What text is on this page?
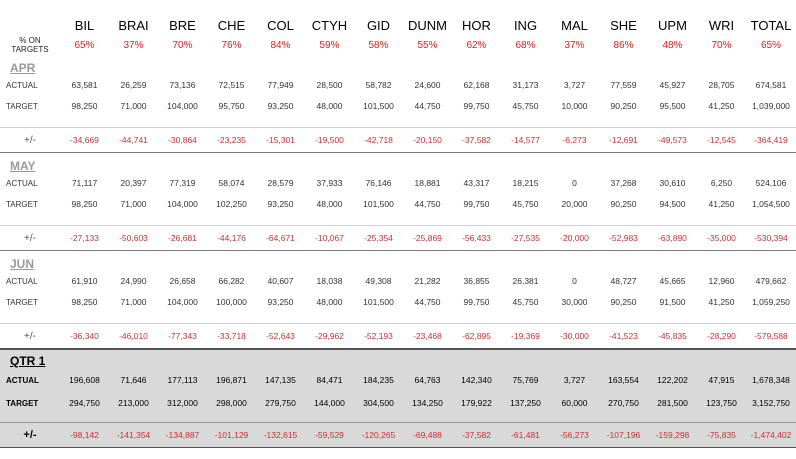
	BIL	BRAI	BRE	CHE	COL	CTYH	GID	DUNM	HOR	ING	MAL	SHE	UPM	WRI	TOTAL
% ON
TARGETS	65%	37%	70%	76%	84%	59%	58%	55%	62%	68%	37%	86%	48%	70%	65%

APR															
ACTUAL	63,581	26,259	73,136	72,515	77,949	28,500	58,782	24,600	62,168	31,173	3,727	77,559	45,927	28,705	674,581
TARGET	98,250	71,000	104,000	95,750	93,250	48,000	101,500	44,750	99,750	45,750	10,000	90,250	95,500	41,250	1,039,000

+/-	-34,669	-44,741	-30,864	-23,235	-15,301	-19,500	-42,718	-20,150	-37,582	-14,577	-6,273	-12,691	-49,573	-12,545	-364,419

MAY															
ACTUAL	71,117	20,397	77,319	58,074	28,579	37,933	76,146	18,881	43,317	18,215	0	37,268	30,610	6,250	524,106
TARGET	98,250	71,000	104,000	102,250	93,250	48,000	101,500	44,750	99,750	45,750	20,000	90,250	94,500	41,250	1,054,500

+/-	-27,133	-50,603	-26,681	-44,176	-64,671	-10,067	-25,354	-25,869	-56,433	-27,535	-20,000	-52,983	-63,890	-35,000	-530,394

JUN															
ACTUAL	61,910	24,990	26,658	66,282	40,607	18,038	49,308	21,282	36,855	26,381	0	48,727	45,665	12,960	479,662
TARGET	98,250	71,000	104,000	100,000	93,250	48,000	101,500	44,750	99,750	45,750	30,000	90,250	91,500	41,250	1,059,250

+/-	-36,340	-46,010	-77,343	-33,718	-52,643	-29,962	-52,193	-23,468	-62,895	-19,369	-30,000	-41,523	-45,835	-28,290	-579,588
QTR 1															
ACTUAL	196,608	71,646	177,113	196,871	147,135	84,471	184,235	64,763	142,340	75,769	3,727	163,554	122,202	47,915	1,678,348
TARGET	294,750	213,000	312,000	298,000	279,750	144,000	304,500	134,250	179,922	137,250	60,000	270,750	281,500	123,750	3,152,750

+/-	-98,142	-141,354	-134,887	-101,129	-132,615	-59,529	-120,265	-69,488	-37,582	-61,481	-56,273	-107,196	-159,298	-75,835	-1,474,402
